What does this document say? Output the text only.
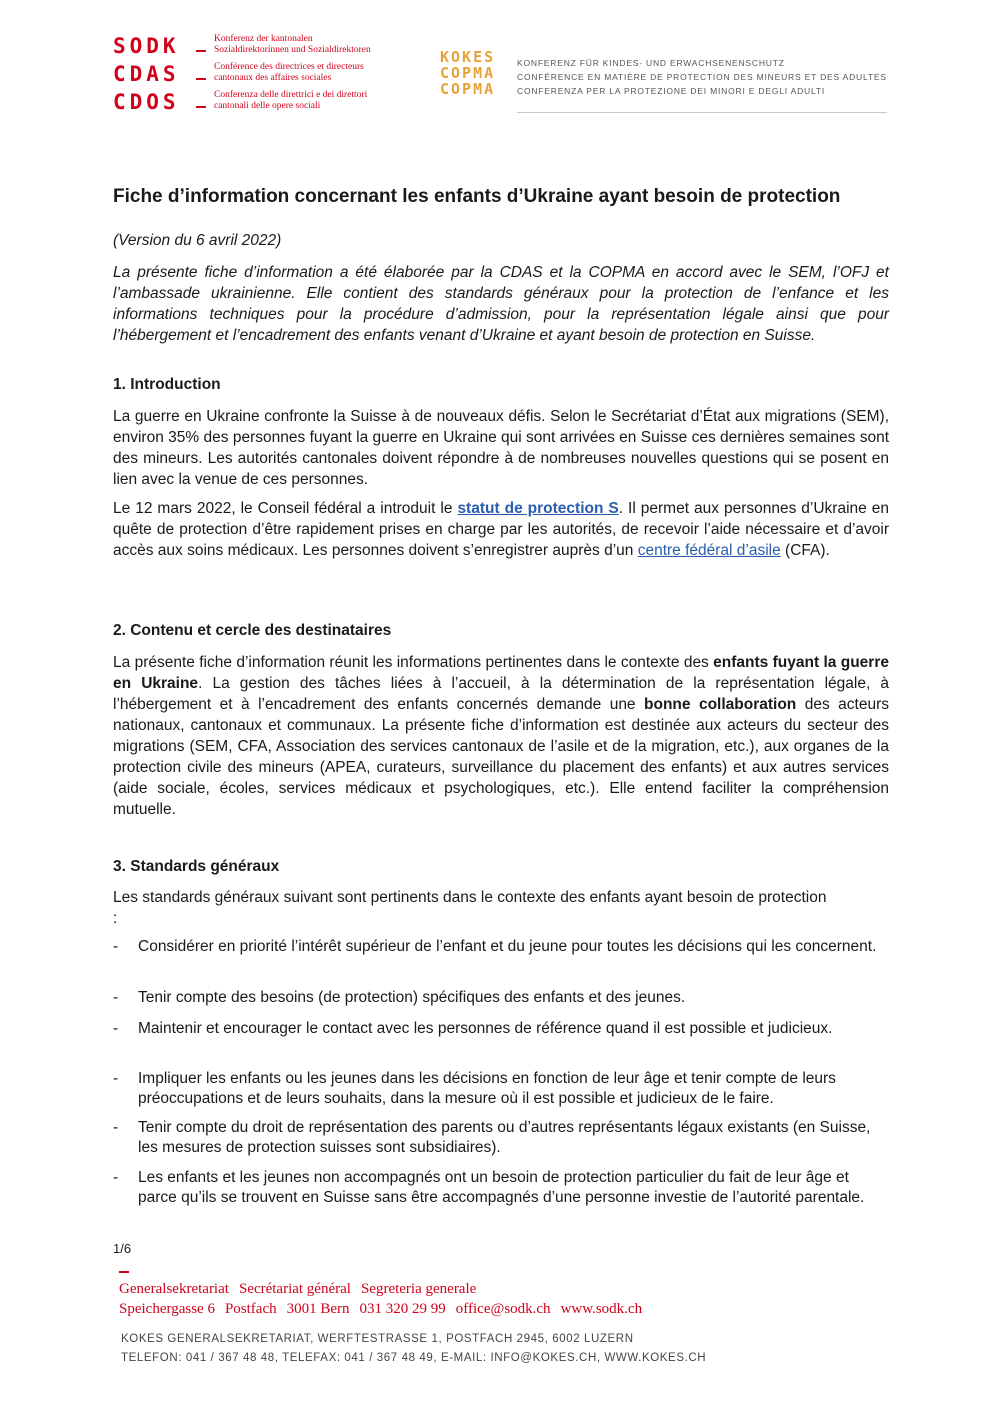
SODK	Konferenz der kantonalen
Sozialdirektorinnen und Sozialdirektoren
CDAS	Conférence des directrices et directeurs
cantonaux des affaires sociales
CDOS	Conferenza delle direttrici e dei direttori
cantonali delle opere sociali
KOKES
COPMA
COPMA
KONFERENZ FÜR KINDES- UND ERWACHSENENSCHUTZ
CONFÉRENCE EN MATIÈRE DE PROTECTION DES MINEURS ET DES ADULTES
CONFERENZA PER LA PROTEZIONE DEI MINORI E DEGLI ADULTI
Fiche d’information concernant les enfants d’Ukraine ayant besoin de protection
(Version du 6 avril 2022)
La présente fiche d’information a été élaborée par la CDAS et la COPMA en accord avec le SEM, l’OFJ et l’ambassade ukrainienne. Elle contient des standards généraux pour la protection de l’enfance et les informations techniques pour la procédure d’admission, pour la représentation légale ainsi que pour l’hébergement et l’encadrement des enfants venant d’Ukraine et ayant besoin de protection en Suisse.
1. Introduction
La guerre en Ukraine confronte la Suisse à de nouveaux défis. Selon le Secrétariat d’État aux migrations (SEM), environ 35% des personnes fuyant la guerre en Ukraine qui sont arrivées en Suisse ces dernières semaines sont des mineurs. Les autorités cantonales doivent répondre à de nombreuses nouvelles questions qui se posent en lien avec la venue de ces personnes.
Le 12 mars 2022, le Conseil fédéral a introduit le statut de protection S. Il permet aux personnes d’Ukraine en quête de protection d’être rapidement prises en charge par les autorités, de recevoir l’aide nécessaire et d’avoir accès aux soins médicaux. Les personnes doivent s’enregistrer auprès d’un centre fédéral d’asile (CFA).
2. Contenu et cercle des destinataires
La présente fiche d’information réunit les informations pertinentes dans le contexte des enfants fuyant la guerre en Ukraine. La gestion des tâches liées à l’accueil, à la détermination de la représentation légale, à l’hébergement et à l’encadrement des enfants concernés demande une bonne collaboration des acteurs nationaux, cantonaux et communaux. La présente fiche d’information est destinée aux acteurs du secteur des migrations (SEM, CFA, Association des services cantonaux de l’asile et de la migration, etc.), aux organes de la protection civile des mineurs (APEA, curateurs, surveillance du placement des enfants) et aux autres services (aide sociale, écoles, services médicaux et psychologiques, etc.). Elle entend faciliter la compréhension mutuelle.
3. Standards généraux
Les standards généraux suivant sont pertinents dans le contexte des enfants ayant besoin de protection :
- Considérer en priorité l’intérêt supérieur de l’enfant et du jeune pour toutes les décisions qui les concernent.
- Tenir compte des besoins (de protection) spécifiques des enfants et des jeunes.
- Maintenir et encourager le contact avec les personnes de référence quand il est possible et judicieux.
- Impliquer les enfants ou les jeunes dans les décisions en fonction de leur âge et tenir compte de leurs préoccupations et de leurs souhaits, dans la mesure où il est possible et judicieux de le faire.
- Tenir compte du droit de représentation des parents ou d’autres représentants légaux existants (en Suisse, les mesures de protection suisses sont subsidiaires).
- Les enfants et les jeunes non accompagnés ont un besoin de protection particulier du fait de leur âge et parce qu’ils se trouvent en Suisse sans être accompagnés d’une personne investie de l’autorité parentale.
1/6
Generalsekretariat Secrétariat général Segreteria generale
Speichergasse 6 Postfach 3001 Bern 031 320 29 99 office@sodk.ch www.sodk.ch
KOKES GENERALSEKRETARIAT, WERFTESTRASSE 1, POSTFACH 2945, 6002 LUZERN
TELEFON: 041 / 367 48 48, TELEFAX: 041 / 367 48 49, E-MAIL: INFO@KOKES.CH, WWW.KOKES.CH
